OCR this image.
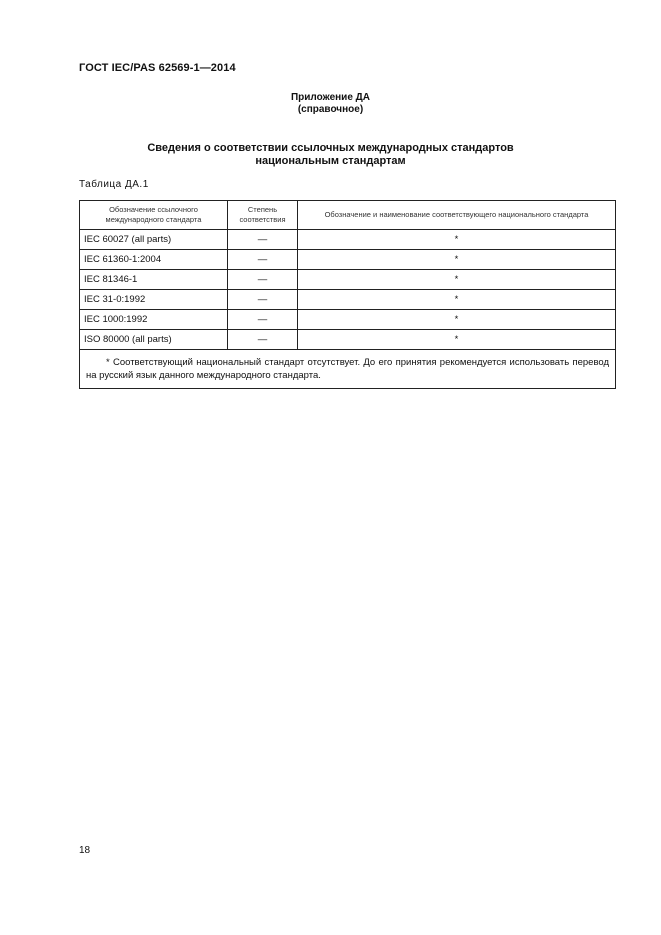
ГОСТ IEC/PAS 62569-1—2014
Приложение ДА
(справочное)
Сведения о соответствии ссылочных международных стандартов
национальным стандартам
Таблица ДА.1
Обозначение ссылочного международного стандарта	Степень соответствия	Обозначение и наименование соответствующего национального стандарта
IEC 60027 (all parts)	—	*
IEC 61360-1:2004	—	*
IEC 81346-1	—	*
IEC 31-0:1992	—	*
IEC 1000:1992	—	*
ISO 80000 (all parts)	—	*
* Соответствующий национальный стандарт отсутствует. До его принятия рекомендуется использовать перевод на русский язык данного международного стандарта.		
18
